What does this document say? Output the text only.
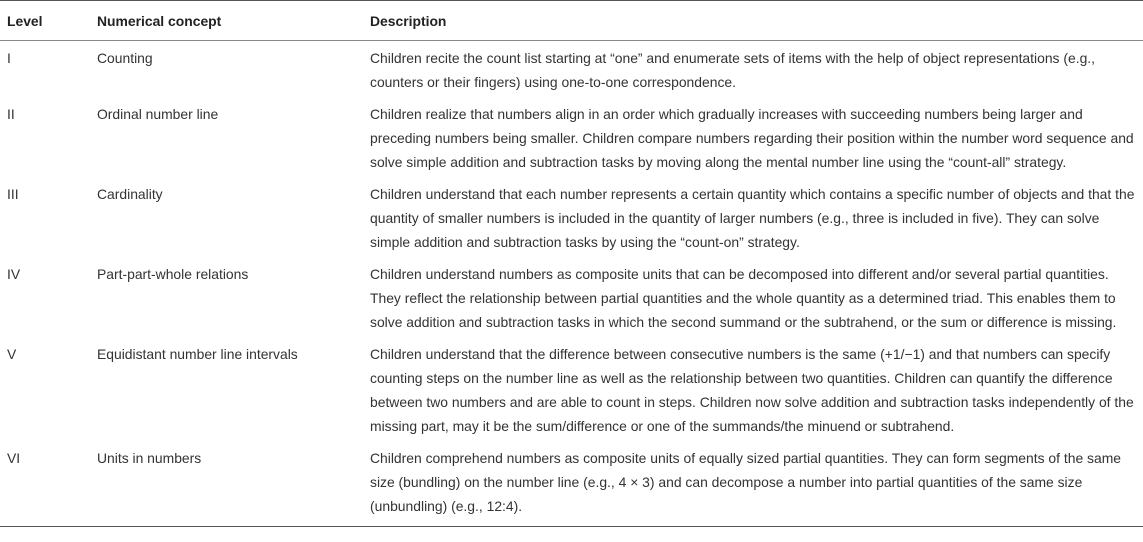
Level	Numerical concept	Description
I	Counting	Children recite the count list starting at “one” and enumerate sets of items with the help of object representations (e.g., counters or their fingers) using one-to-one correspondence.
II	Ordinal number line	Children realize that numbers align in an order which gradually increases with succeeding numbers being larger and preceding numbers being smaller. Children compare numbers regarding their position within the number word sequence and solve simple addition and subtraction tasks by moving along the mental number line using the “count-all” strategy.
III	Cardinality	Children understand that each number represents a certain quantity which contains a specific number of objects and that the quantity of smaller numbers is included in the quantity of larger numbers (e.g., three is included in five). They can solve simple addition and subtraction tasks by using the “count-on” strategy.
IV	Part-part-whole relations	Children understand numbers as composite units that can be decomposed into different and/or several partial quantities. They reflect the relationship between partial quantities and the whole quantity as a determined triad. This enables them to solve addition and subtraction tasks in which the second summand or the subtrahend, or the sum or difference is missing.
V	Equidistant number line intervals	Children understand that the difference between consecutive numbers is the same (+1/−1) and that numbers can specify counting steps on the number line as well as the relationship between two quantities. Children can quantify the difference between two numbers and are able to count in steps. Children now solve addition and subtraction tasks independently of the missing part, may it be the sum/difference or one of the summands/the minuend or subtrahend.
VI	Units in numbers	Children comprehend numbers as composite units of equally sized partial quantities. They can form segments of the same size (bundling) on the number line (e.g., 4 × 3) and can decompose a number into partial quantities of the same size (unbundling) (e.g., 12:4).
